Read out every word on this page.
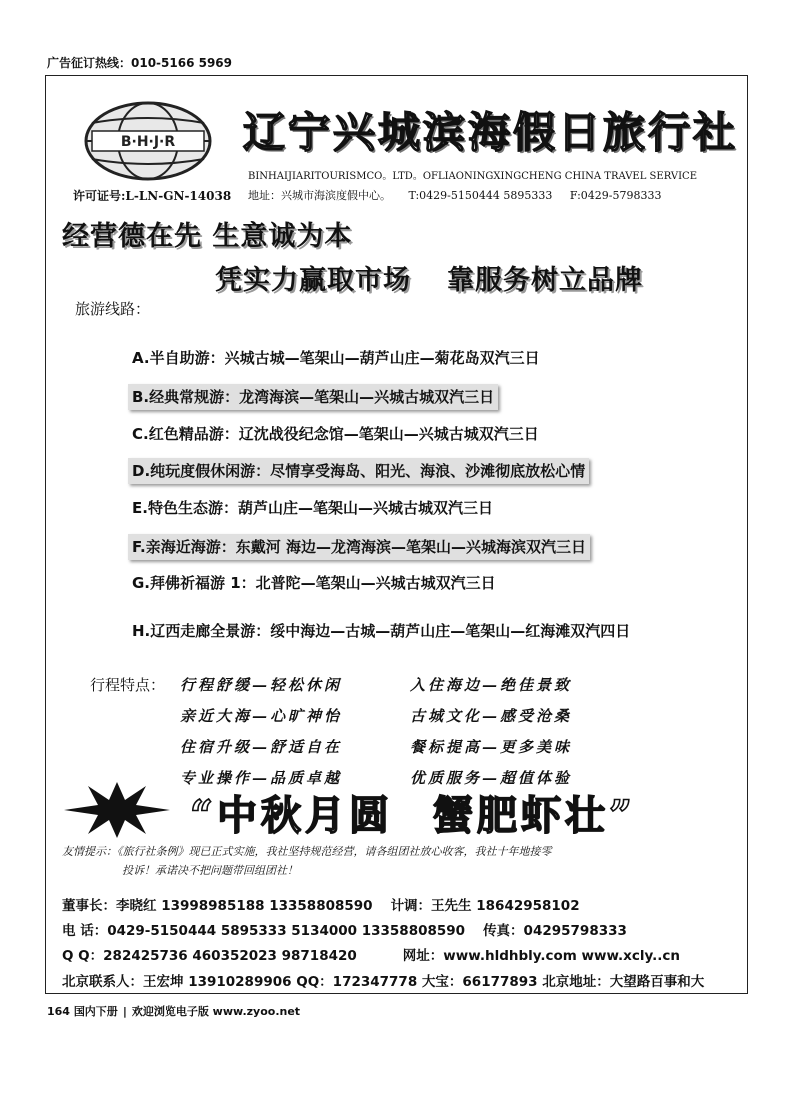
广告征订热线：010-5166 5969
B·H·J·R 辽宁兴城滨海假日旅行社
BINHAIJIARITOURISMCO。LTD。OFLIAONINGXINGCHENG CHINA TRAVEL SERVICE
许可证号:L-LN-GN-14038 地址：兴城市海滨度假中心。 T:0429-5150444 5895333 F:0429-5798333
经营德在先 生意诚为本
凭实力赢取市场 靠服务树立品牌
旅游线路：
A.半自助游：兴城古城—笔架山—葫芦山庄—菊花岛双汽三日
B.经典常规游：龙湾海滨—笔架山—兴城古城双汽三日
C.红色精品游：辽沈战役纪念馆—笔架山—兴城古城双汽三日
D.纯玩度假休闲游：尽情享受海岛、阳光、海浪、沙滩彻底放松心情
E.特色生态游：葫芦山庄—笔架山—兴城古城双汽三日
F.亲海近海游：东戴河 海边—龙湾海滨—笔架山—兴城海滨双汽三日
G.拜佛祈福游 1：北普陀—笔架山—兴城古城双汽三日
H.辽西走廊全景游：绥中海边—古城—葫芦山庄—笔架山—红海滩双汽四日
行程特点： 行程舒缓—轻松休闲
亲近大海—心旷神怡
住宿升级—舒适自在
专业操作—品质卓越
入住海边—绝佳景致
古城文化—感受沧桑
餐标提高—更多美味
优质服务—超值体验
“中秋月圆 蟹肥虾壮”
友情提示：《旅行社条例》现已正式实施，我社坚持规范经营，请各组团社放心收客，我社十年地接零
投诉！承诺决不把问题带回组团社！
董事长：李晓红 13998985188 13358808590 计调：王先生 18642958102
电 话：0429-5150444 5895333 5134000 13358808590 传真：04295798333
Q Q：282425736 460352023 98718420	网址：www.hldhbly.com www.xcly..cn
北京联系人：王宏坤 13910289906 QQ：172347778 大宝：66177893 北京地址：大望路百事和大
164 国内下册 | 欢迎浏览电子版 www.zyoo.net
